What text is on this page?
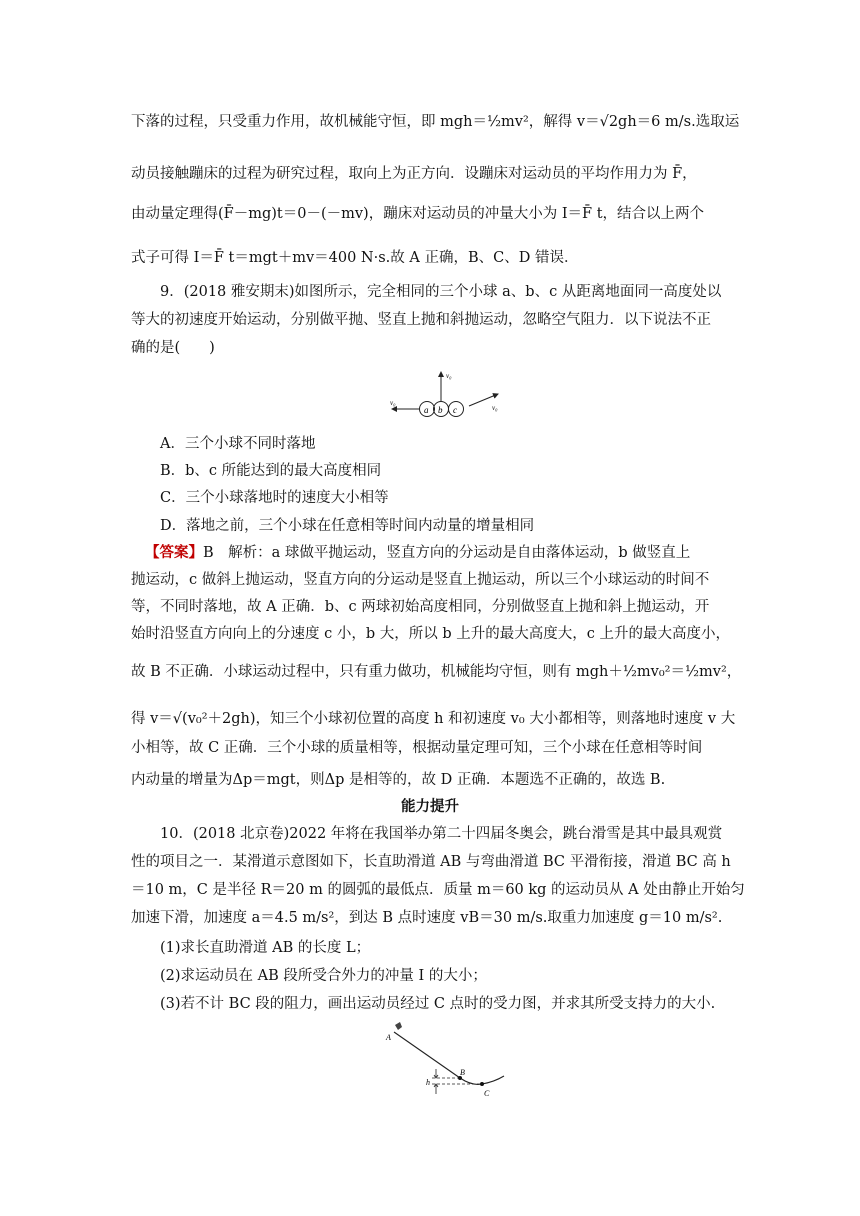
下落的过程，只受重力作用，故机械能守恒，即 mgh＝½mv²，解得 v＝√2gh＝6 m/s.选取运
动员接触蹦床的过程为研究过程，取向上为正方向．设蹦床对运动员的平均作用力为 F̄，
由动量定理得(F̄－mg)t＝0－(－mv)，蹦床对运动员的冲量大小为 I＝F̄ t，结合以上两个
式子可得 I＝F̄ t＝mgt＋mv＝400 N·s.故 A 正确，B、C、D 错误．
9．(2018 雅安期末)如图所示，完全相同的三个小球 a、b、c 从距离地面同一高度处以
等大的初速度开始运动，分别做平抛、竖直上抛和斜抛运动，忽略空气阻力．以下说法不正
确的是(　　)
a b c
v₀
v₀
v₀
A．三个小球不同时落地
B．b、c 所能达到的最大高度相同
C．三个小球落地时的速度大小相等
D．落地之前，三个小球在任意相等时间内动量的增量相同
【答案】B　解析：a 球做平抛运动，竖直方向的分运动是自由落体运动，b 做竖直上
抛运动，c 做斜上抛运动，竖直方向的分运动是竖直上抛运动，所以三个小球运动的时间不
等，不同时落地，故 A 正确．b、c 两球初始高度相同，分别做竖直上抛和斜上抛运动，开
始时沿竖直方向向上的分速度 c 小，b 大，所以 b 上升的最大高度大，c 上升的最大高度小，
故 B 不正确．小球运动过程中，只有重力做功，机械能均守恒，则有 mgh＋½mv₀²＝½mv²，
得 v＝√(v₀²＋2gh)，知三个小球初位置的高度 h 和初速度 v₀ 大小都相等，则落地时速度 v 大
小相等，故 C 正确．三个小球的质量相等，根据动量定理可知，三个小球在任意相等时间
内动量的增量为Δp＝mgt，则Δp 是相等的，故 D 正确．本题选不正确的，故选 B.
能力提升
10．(2018 北京卷)2022 年将在我国举办第二十四届冬奥会，跳台滑雪是其中最具观赏
性的项目之一．某滑道示意图如下，长直助滑道 AB 与弯曲滑道 BC 平滑衔接，滑道 BC 高 h
＝10 m，C 是半径 R＝20 m 的圆弧的最低点．质量 m＝60 kg 的运动员从 A 处由静止开始匀
加速下滑，加速度 a＝4.5 m/s²，到达 B 点时速度 vB＝30 m/s.取重力加速度 g＝10 m/s².
(1)求长直助滑道 AB 的长度 L；
(2)求运动员在 AB 段所受合外力的冲量 I 的大小；
(3)若不计 BC 段的阻力，画出运动员经过 C 点时的受力图，并求其所受支持力的大小.
A
B
C
h
